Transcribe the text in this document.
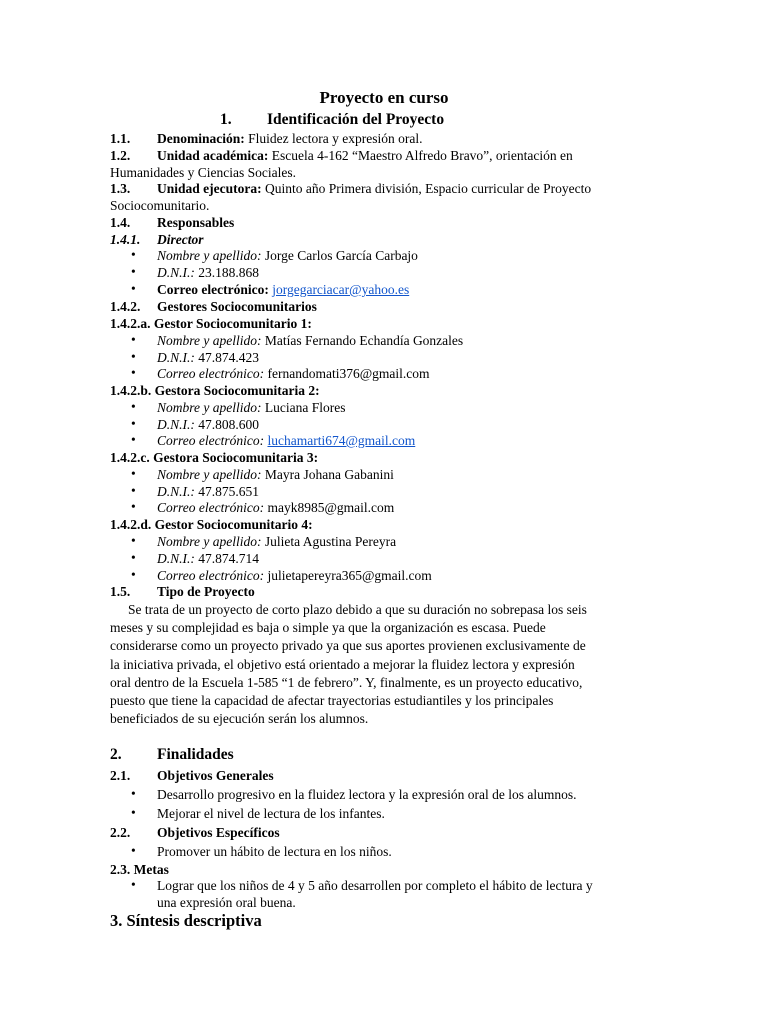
Proyecto en curso
1. Identificación del Proyecto
1.1. Denominación: Fluidez lectora y expresión oral.
1.2. Unidad académica: Escuela 4-162 “Maestro Alfredo Bravo”, orientación en
Humanidades y Ciencias Sociales.
1.3. Unidad ejecutora: Quinto año Primera división, Espacio curricular de Proyecto
Sociocomunitario.
1.4. Responsables
1.4.1. Director
• Nombre y apellido: Jorge Carlos García Carbajo
• D.N.I.: 23.188.868
• Correo electrónico: jorgegarciacar@yahoo.es
1.4.2. Gestores Sociocomunitarios
1.4.2.a. Gestor Sociocomunitario 1:
• Nombre y apellido: Matías Fernando Echandía Gonzales
• D.N.I.: 47.874.423
• Correo electrónico: fernandomati376@gmail.com
1.4.2.b. Gestora Sociocomunitaria 2:
• Nombre y apellido: Luciana Flores
• D.N.I.: 47.808.600
• Correo electrónico: luchamarti674@gmail.com
1.4.2.c. Gestora Sociocomunitaria 3:
• Nombre y apellido: Mayra Johana Gabanini
• D.N.I.: 47.875.651
• Correo electrónico: mayk8985@gmail.com
1.4.2.d. Gestor Sociocomunitario 4:
• Nombre y apellido: Julieta Agustina Pereyra
• D.N.I.: 47.874.714
• Correo electrónico: julietapereyra365@gmail.com
1.5. Tipo de Proyecto
Se trata de un proyecto de corto plazo debido a que su duración no sobrepasa los seis
meses y su complejidad es baja o simple ya que la organización es escasa. Puede
considerarse como un proyecto privado ya que sus aportes provienen exclusivamente de
la iniciativa privada, el objetivo está orientado a mejorar la fluidez lectora y expresión
oral dentro de la Escuela 1-585 “1 de febrero”. Y, finalmente, es un proyecto educativo,
puesto que tiene la capacidad de afectar trayectorias estudiantiles y los principales
beneficiados de su ejecución serán los alumnos.
2. Finalidades
2.1. Objetivos Generales
• Desarrollo progresivo en la fluidez lectora y la expresión oral de los alumnos.
• Mejorar el nivel de lectura de los infantes.
2.2. Objetivos Específicos
• Promover un hábito de lectura en los niños.
2.3. Metas
• Lograr que los niños de 4 y 5 año desarrollen por completo el hábito de lectura y
una expresión oral buena.
3. Síntesis descriptiva
